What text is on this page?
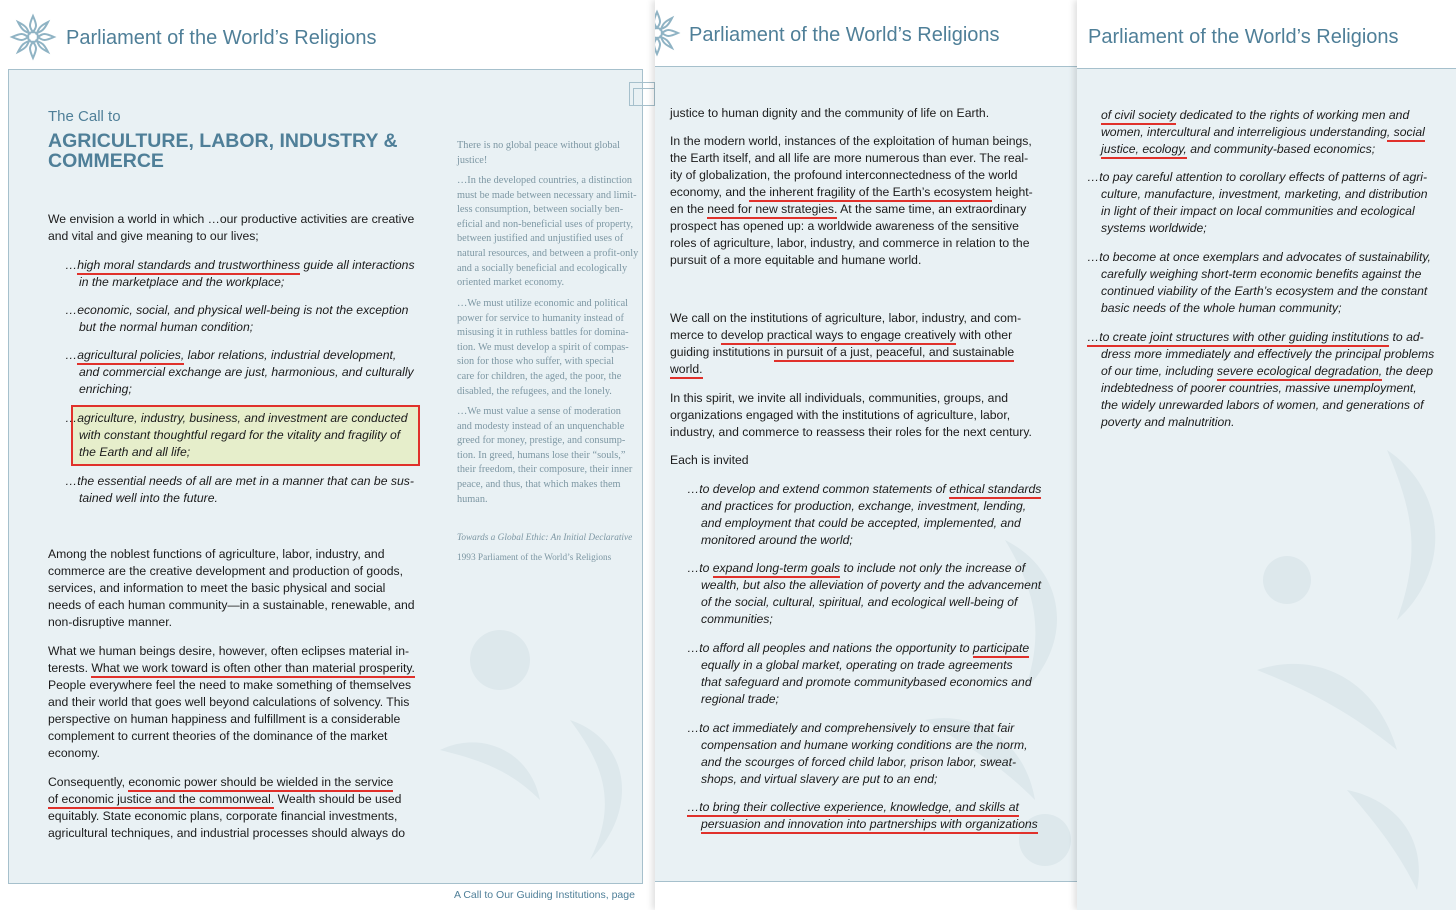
Parliament of the World’s Religions
The Call to
AGRICULTURE, LABOR, INDUSTRY &
COMMERCE
We envision a world in which …our productive activities are creative
and vital and give meaning to our lives;
…high moral standards and trustworthiness guide all interactions
in the marketplace and the workplace;
…economic, social, and physical well-being is not the exception
but the normal human condition;
…agricultural policies, labor relations, industrial development,
and commercial exchange are just, harmonious, and culturally
enriching;
…agriculture, industry, business, and investment are conducted
with constant thoughtful regard for the vitality and fragility of
the Earth and all life;
…the essential needs of all are met in a manner that can be sus-
tained well into the future.
Among the noblest functions of agriculture, labor, industry, and
commerce are the creative development and production of goods,
services, and information to meet the basic physical and social
needs of each human community—in a sustainable, renewable, and
non-disruptive manner.
What we human beings desire, however, often eclipses material in-
terests. What we work toward is often other than material prosperity.
People everywhere feel the need to make something of themselves
and their world that goes well beyond calculations of solvency. This
perspective on human happiness and fulfillment is a considerable
complement to current theories of the dominance of the market
economy.
Consequently, economic power should be wielded in the service
of economic justice and the commonweal. Wealth should be used
equitably. State economic plans, corporate financial investments,
agricultural techniques, and industrial processes should always do
There is no global peace without global
justice!
…In the developed countries, a distinction
must be made between necessary and limit-
less consumption, between socially ben-
eficial and non-beneficial uses of property,
between justified and unjustified uses of
natural resources, and between a profit-only
and a socially beneficial and ecologically
oriented market economy.
…We must utilize economic and political
power for service to humanity instead of
misusing it in ruthless battles for domina-
tion. We must develop a spirit of compas-
sion for those who suffer, with special
care for children, the aged, the poor, the
disabled, the refugees, and the lonely.
…We must value a sense of moderation
and modesty instead of an unquenchable
greed for money, prestige, and consump-
tion. In greed, humans lose their “souls,”
their freedom, their composure, their inner
peace, and thus, that which makes them
human.
Towards a Global Ethic: An Initial Declarative
1993 Parliament of the World’s Religions
A Call to Our Guiding Institutions, page
Parliament of the World’s Religions
justice to human dignity and the community of life on Earth.
In the modern world, instances of the exploitation of human beings,
the Earth itself, and all life are more numerous than ever. The real-
ity of globalization, the profound interconnectedness of the world
economy, and the inherent fragility of the Earth’s ecosystem height-
en the need for new strategies. At the same time, an extraordinary
prospect has opened up: a worldwide awareness of the sensitive
roles of agriculture, labor, industry, and commerce in relation to the
pursuit of a more equitable and humane world.
We call on the institutions of agriculture, labor, industry, and com-
merce to develop practical ways to engage creatively with other
guiding institutions in pursuit of a just, peaceful, and sustainable
world.
In this spirit, we invite all individuals, communities, groups, and
organizations engaged with the institutions of agriculture, labor,
industry, and commerce to reassess their roles for the next century.
Each is invited
…to develop and extend common statements of ethical standards
and practices for production, exchange, investment, lending,
and employment that could be accepted, implemented, and
monitored around the world;
…to expand long-term goals to include not only the increase of
wealth, but also the alleviation of poverty and the advancement
of the social, cultural, spiritual, and ecological well-being of
communities;
…to afford all peoples and nations the opportunity to participate
equally in a global market, operating on trade agreements
that safeguard and promote communitybased economics and
regional trade;
…to act immediately and comprehensively to ensure that fair
compensation and humane working conditions are the norm,
and the scourges of forced child labor, prison labor, sweat-
shops, and virtual slavery are put to an end;
…to bring their collective experience, knowledge, and skills at
persuasion and innovation into partnerships with organizations
Parliament of the World’s Religions
of civil society dedicated to the rights of working men and
women, intercultural and interreligious understanding, social
justice, ecology, and community-based economics;
…to pay careful attention to corollary effects of patterns of agri-
culture, manufacture, investment, marketing, and distribution
in light of their impact on local communities and ecological
systems worldwide;
…to become at once exemplars and advocates of sustainability,
carefully weighing short-term economic benefits against the
continued viability of the Earth’s ecosystem and the constant
basic needs of the whole human community;
…to create joint structures with other guiding institutions to ad-
dress more immediately and effectively the principal problems
of our time, including severe ecological degradation, the deep
indebtedness of poorer countries, massive unemployment,
the widely unrewarded labors of women, and generations of
poverty and malnutrition.
